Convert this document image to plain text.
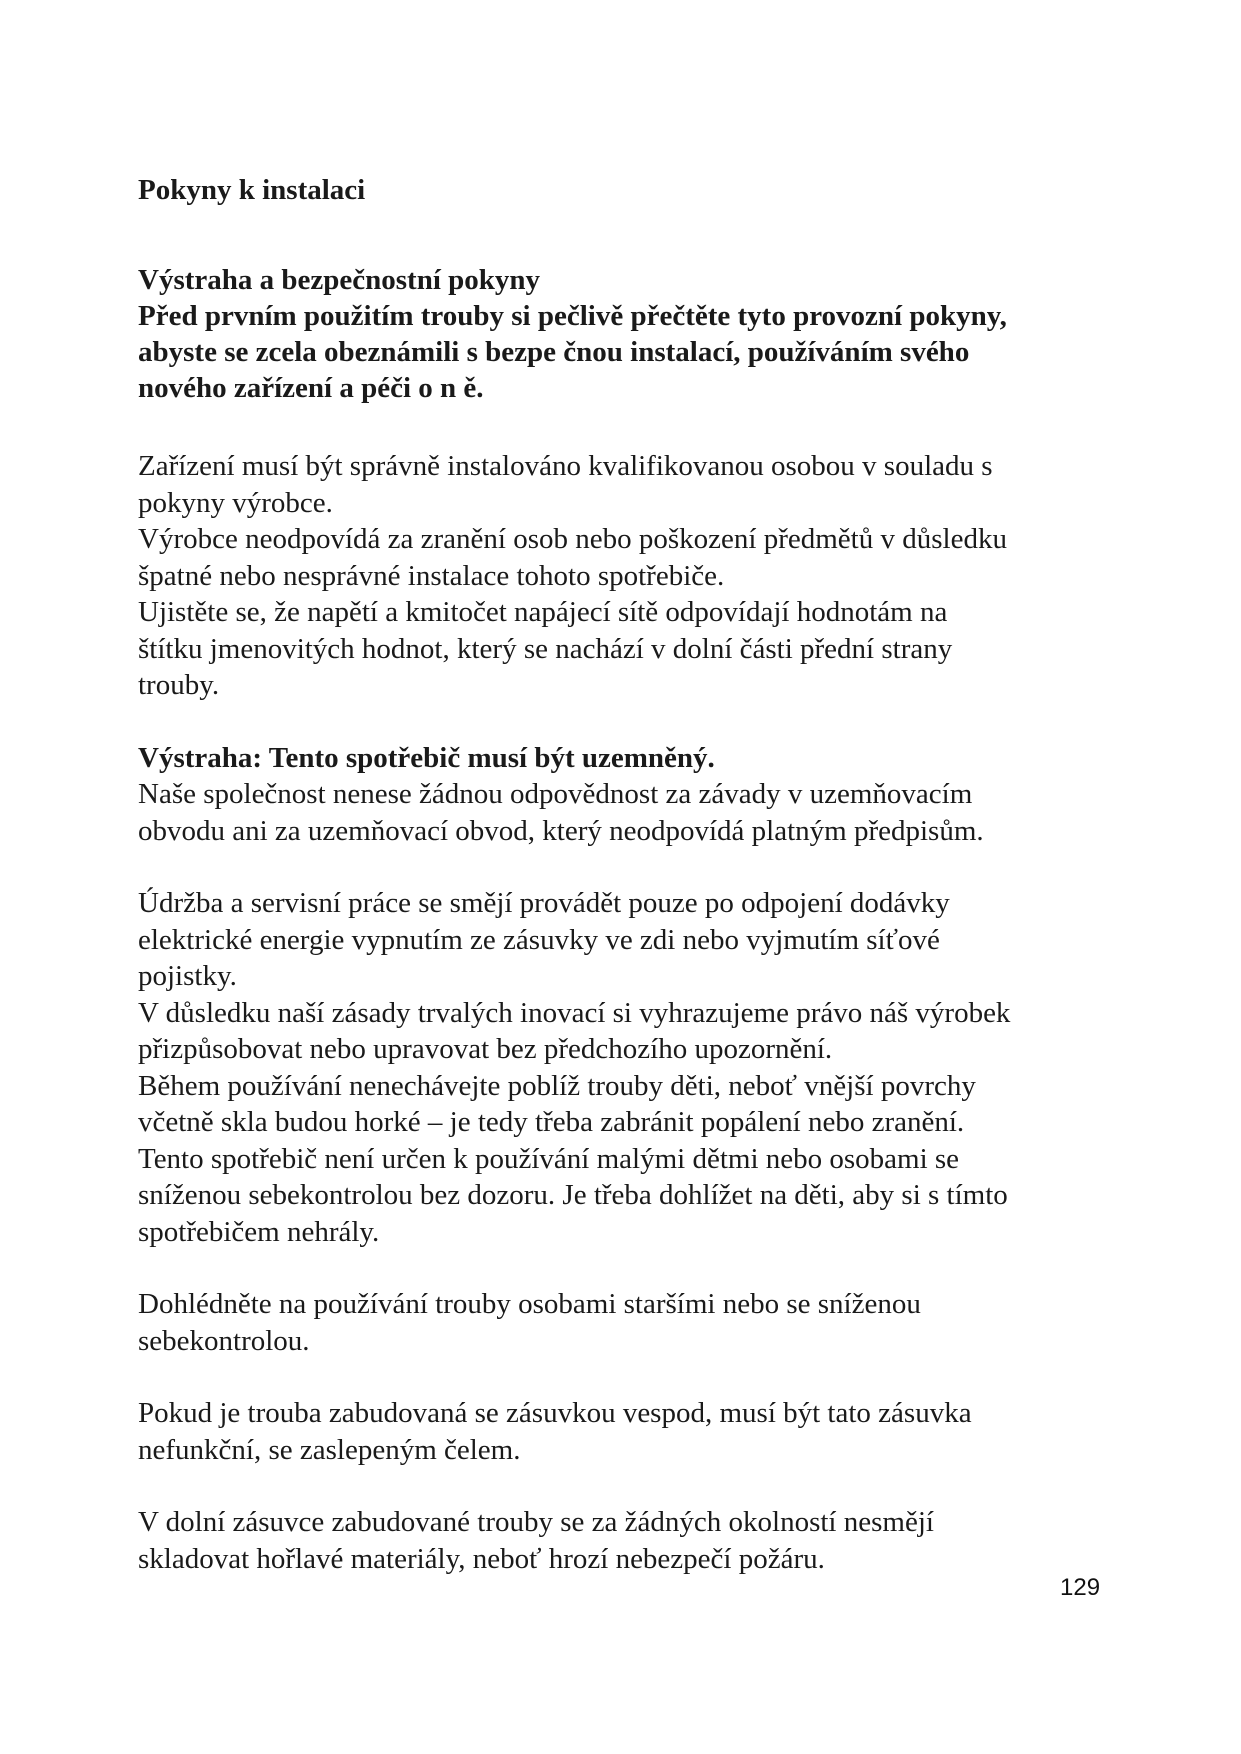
Pokyny k instalaci

Výstraha a bezpečnostní pokyny

Před prvním použitím trouby si pečlivě přečtěte tyto provozní pokyny,

abyste se zcela obeznámili s bezpe čnou instalací, používáním svého

nového zařízení a péči o n ě.

Zařízení musí být správně instalováno kvalifikovanou osobou v souladu s

pokyny výrobce.

Výrobce neodpovídá za zranění osob nebo poškození předmětů v důsledku

špatné nebo nesprávné instalace tohoto spotřebiče.

Ujistěte se, že napětí a kmitočet napájecí sítě odpovídají hodnotám na

štítku jmenovitých hodnot, který se nachází v dolní části přední strany

trouby.

Výstraha: Tento spotřebič musí být uzemněný.

Naše společnost nenese žádnou odpovědnost za závady v uzemňovacím

obvodu ani za uzemňovací obvod, který neodpovídá platným předpisům.

Údržba a servisní práce se smějí provádět pouze po odpojení dodávky

elektrické energie vypnutím ze zásuvky ve zdi nebo vyjmutím síťové

pojistky.

V důsledku naší zásady trvalých inovací si vyhrazujeme právo náš výrobek

přizpůsobovat nebo upravovat bez předchozího upozornění.

Během používání nenechávejte poblíž trouby děti, neboť vnější povrchy

včetně skla budou horké – je tedy třeba zabránit popálení nebo zranění.

Tento spotřebič není určen k používání malými dětmi nebo osobami se

sníženou sebekontrolou bez dozoru. Je třeba dohlížet na děti, aby si s tímto

spotřebičem nehrály.

Dohlédněte na používání trouby osobami staršími nebo se sníženou

sebekontrolou.

Pokud je trouba zabudovaná se zásuvkou vespod, musí být tato zásuvka

nefunkční, se zaslepeným čelem.

V dolní zásuvce zabudované trouby se za žádných okolností nesmějí

skladovat hořlavé materiály, neboť hrozí nebezpečí požáru.

129
